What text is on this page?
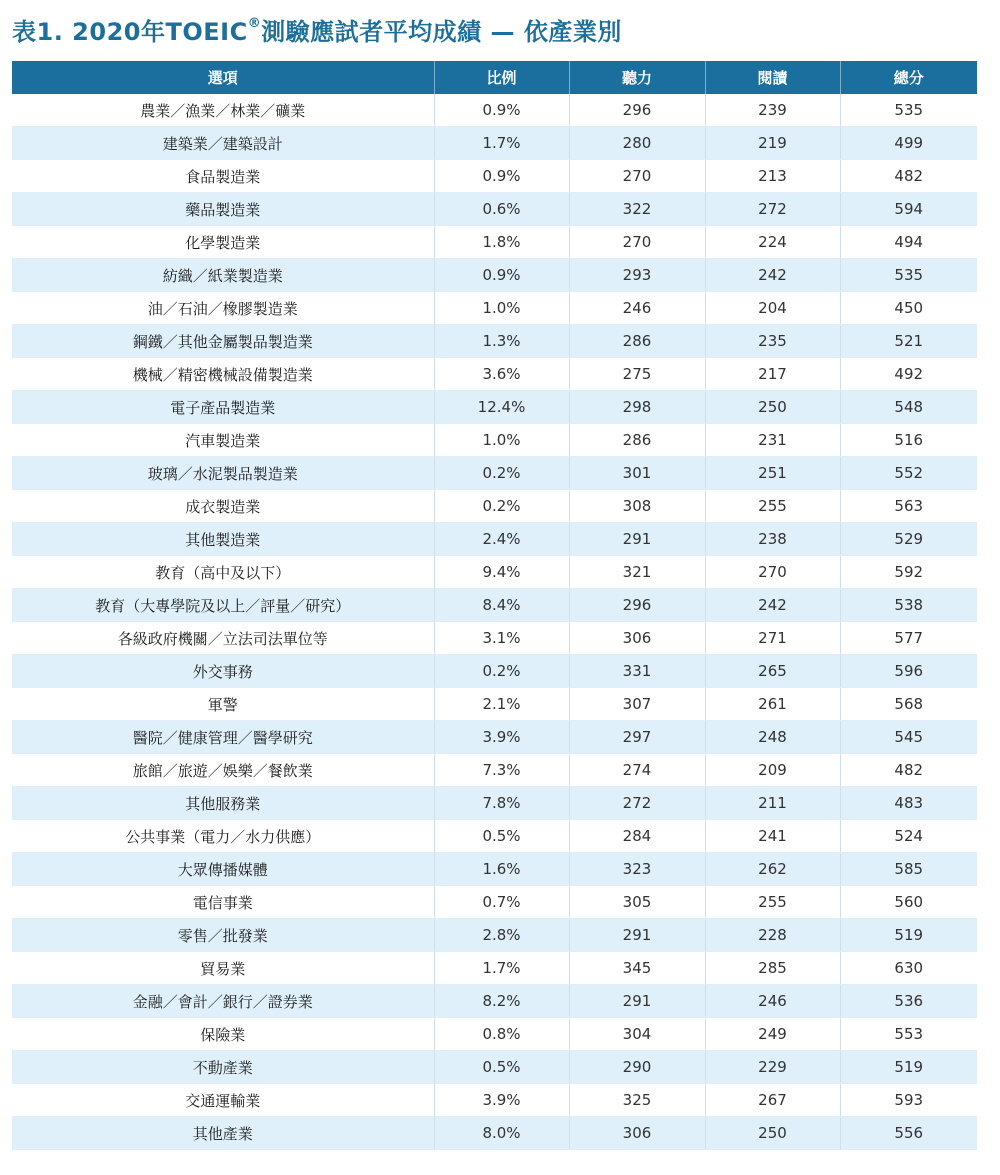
表1. 2020年TOEIC®測驗應試者平均成績 — 依產業別
選項	比例	聽力	閱讀	總分
農業／漁業／林業／礦業	0.9%	296	239	535
建築業／建築設計	1.7%	280	219	499
食品製造業	0.9%	270	213	482
藥品製造業	0.6%	322	272	594
化學製造業	1.8%	270	224	494
紡織／紙業製造業	0.9%	293	242	535
油／石油／橡膠製造業	1.0%	246	204	450
鋼鐵／其他金屬製品製造業	1.3%	286	235	521
機械／精密機械設備製造業	3.6%	275	217	492
電子產品製造業	12.4%	298	250	548
汽車製造業	1.0%	286	231	516
玻璃／水泥製品製造業	0.2%	301	251	552
成衣製造業	0.2%	308	255	563
其他製造業	2.4%	291	238	529
教育（高中及以下）	9.4%	321	270	592
教育（大專學院及以上／評量／研究）	8.4%	296	242	538
各級政府機關／立法司法單位等	3.1%	306	271	577
外交事務	0.2%	331	265	596
軍警	2.1%	307	261	568
醫院／健康管理／醫學研究	3.9%	297	248	545
旅館／旅遊／娛樂／餐飲業	7.3%	274	209	482
其他服務業	7.8%	272	211	483
公共事業（電力／水力供應）	0.5%	284	241	524
大眾傳播媒體	1.6%	323	262	585
電信事業	0.7%	305	255	560
零售／批發業	2.8%	291	228	519
貿易業	1.7%	345	285	630
金融／會計／銀行／證券業	8.2%	291	246	536
保險業	0.8%	304	249	553
不動產業	0.5%	290	229	519
交通運輸業	3.9%	325	267	593
其他產業	8.0%	306	250	556
